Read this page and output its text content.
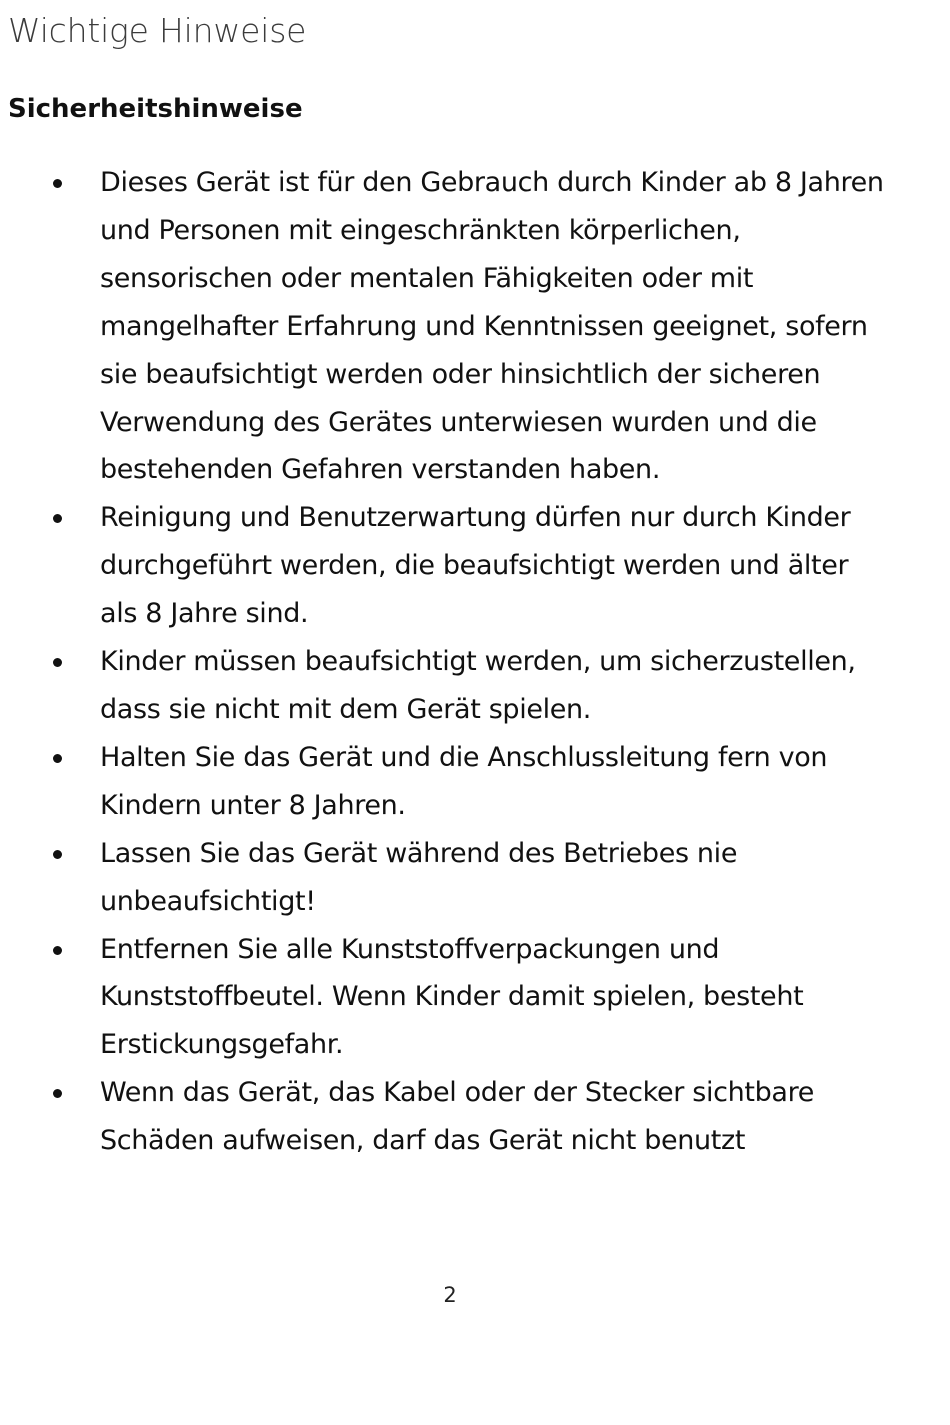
Wichtige Hinweise
Sicherheitshinweise
Dieses Gerät ist für den Gebrauch durch Kinder ab 8 Jahren und Personen mit eingeschränkten körperlichen, sensorischen oder mentalen Fähigkeiten oder mit mangelhafter Erfahrung und Kenntnissen geeignet, sofern sie beaufsichtigt werden oder hinsichtlich der sicheren Verwendung des Gerätes unterwiesen wurden und die bestehenden Gefahren verstanden haben.
Reinigung und Benutzerwartung dürfen nur durch Kinder durchgeführt werden, die beaufsichtigt werden und älter als 8 Jahre sind.
Kinder müssen beaufsichtigt werden, um sicherzustellen, dass sie nicht mit dem Gerät spielen.
Halten Sie das Gerät und die Anschlussleitung fern von Kindern unter 8 Jahren.
Lassen Sie das Gerät während des Betriebes nie unbeaufsichtigt!
Entfernen Sie alle Kunststoffverpackungen und Kunststoffbeutel. Wenn Kinder damit spielen, besteht Erstickungsgefahr.
Wenn das Gerät, das Kabel oder der Stecker sichtbare Schäden aufweisen, darf das Gerät nicht benutzt
2
